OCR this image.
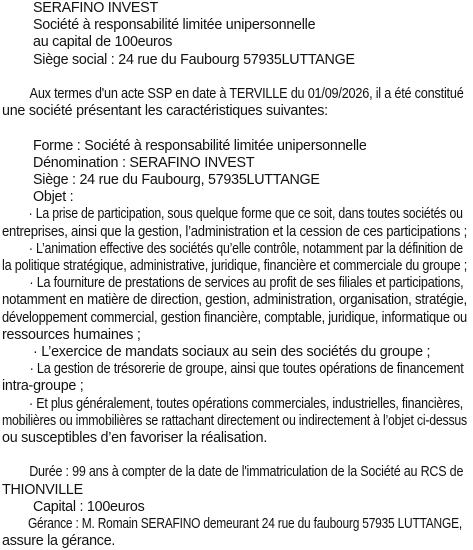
SERAFINO INVEST
Société à responsabilité limitée unipersonnelle
au capital de 100euros
Siège social : 24 rue du Faubourg 57935LUTTANGE
Aux termes d'un acte SSP en date à TERVILLE du 01/09/2026, il a été constitué
une société présentant les caractéristiques suivantes:
Forme : Société à responsabilité limitée unipersonnelle
Dénomination : SERAFINO INVEST
Siège : 24 rue du Faubourg, 57935LUTTANGE
Objet :
· La prise de participation, sous quelque forme que ce soit, dans toutes sociétés ou
entreprises, ainsi que la gestion, l’administration et la cession de ces participations ;
· L’animation effective des sociétés qu’elle contrôle, notamment par la définition de
la politique stratégique, administrative, juridique, financière et commerciale du groupe ;
· La fourniture de prestations de services au profit de ses filiales et participations,
notamment en matière de direction, gestion, administration, organisation, stratégie,
développement commercial, gestion financière, comptable, juridique, informatique ou
ressources humaines ;
· L’exercice de mandats sociaux au sein des sociétés du groupe ;
· La gestion de trésorerie de groupe, ainsi que toutes opérations de financement
intra-groupe ;
· Et plus généralement, toutes opérations commerciales, industrielles, financières,
mobilières ou immobilières se rattachant directement ou indirectement à l’objet ci-dessus
ou susceptibles d’en favoriser la réalisation.
Durée : 99 ans à compter de la date de l'immatriculation de la Société au RCS de
THIONVILLE
Capital : 100euros
Gérance : M. Romain SERAFINO demeurant 24 rue du faubourg 57935 LUTTANGE,
assure la gérance.
